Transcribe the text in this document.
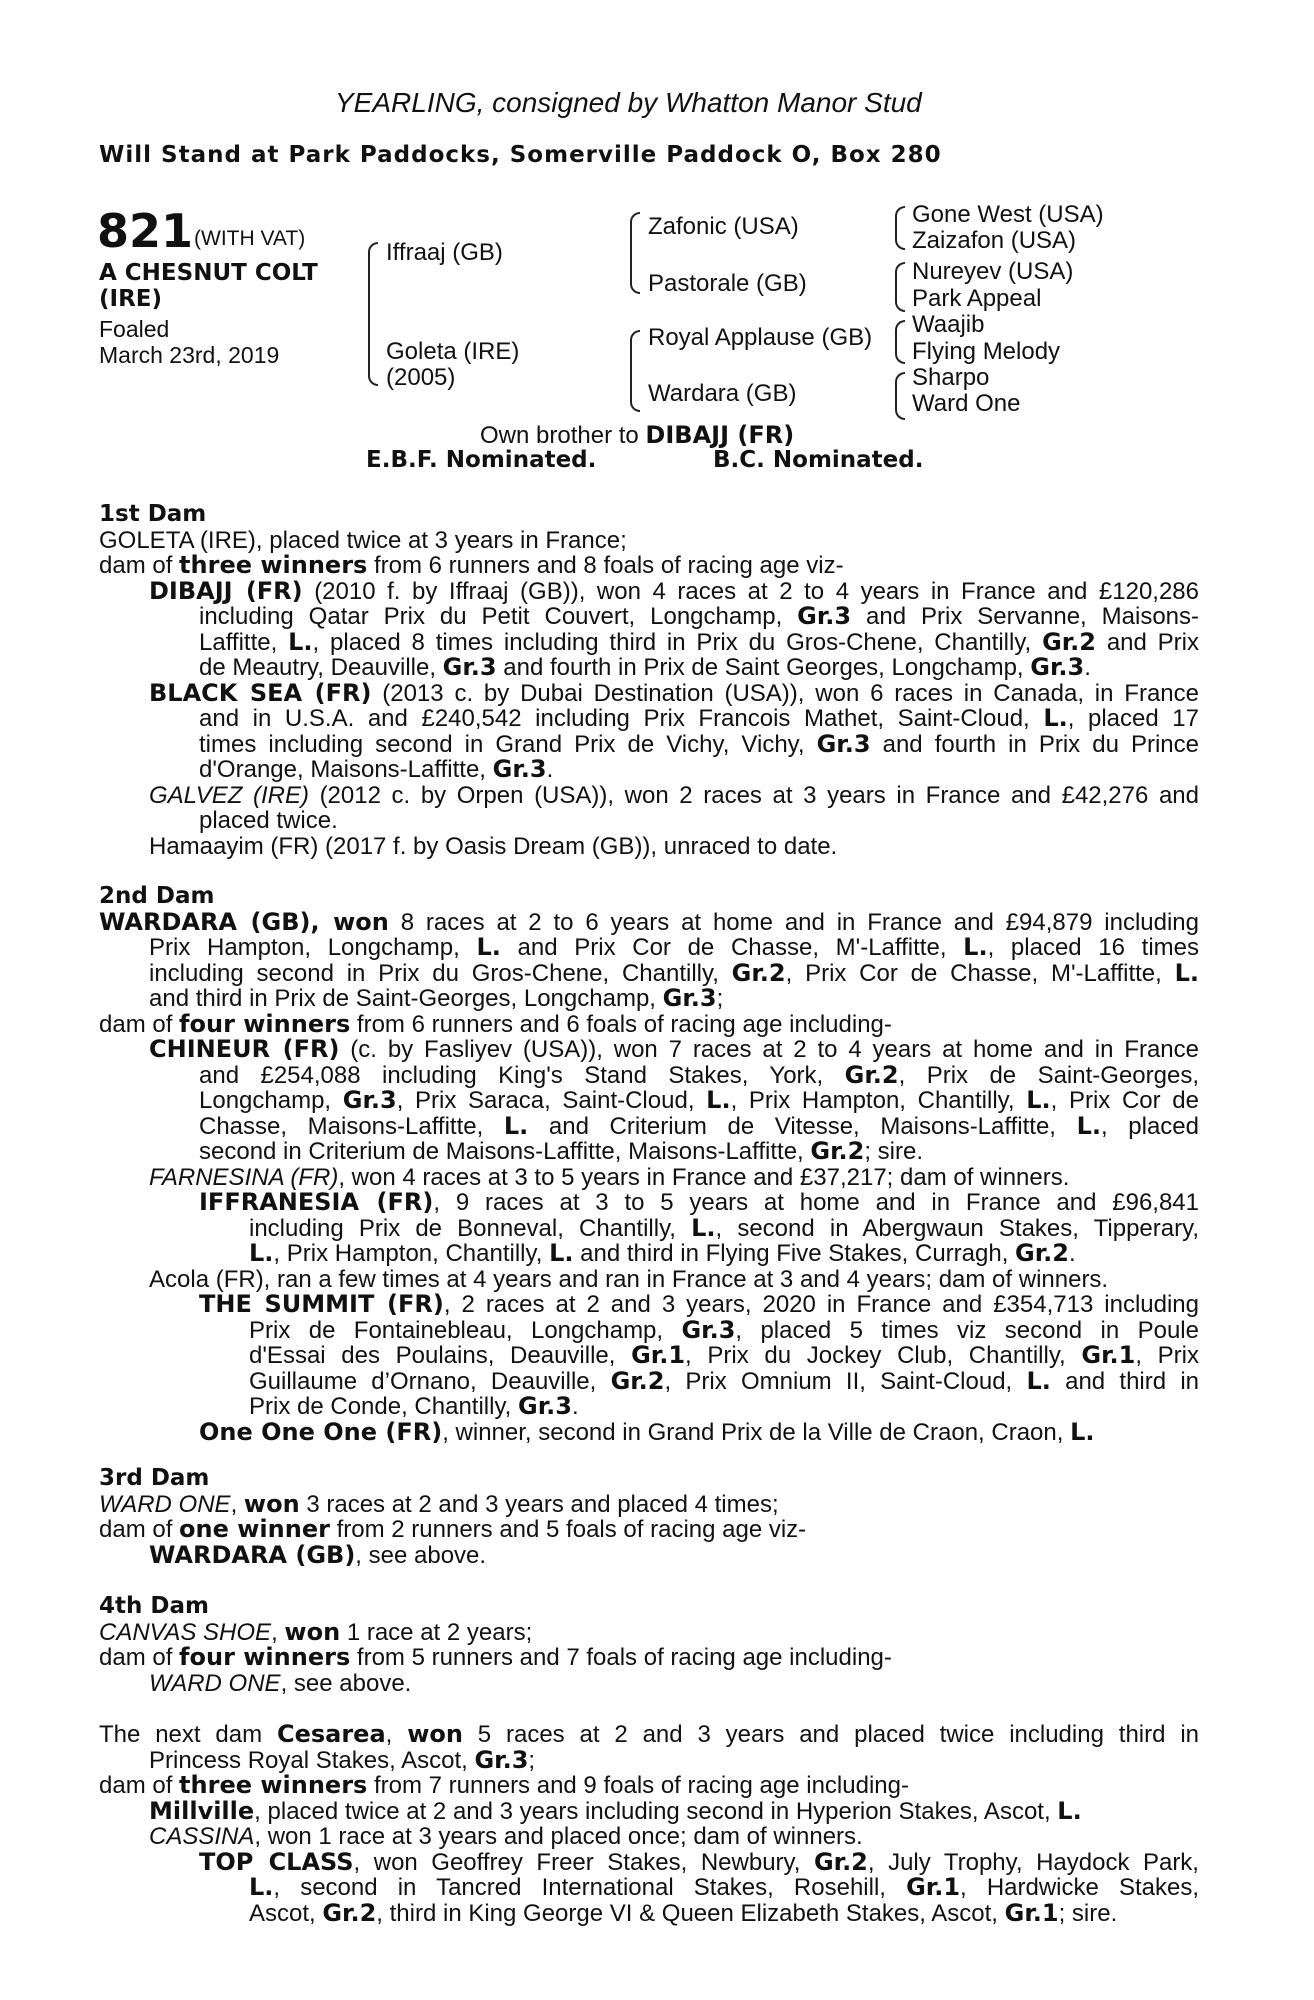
YEARLING, consigned by Whatton Manor Stud
Will Stand at Park Paddocks, Somerville Paddock O, Box 280
821 (WITH VAT)
A CHESNUT COLT
(IRE)
Foaled
March 23rd, 2019
Iffraaj (GB)
Goleta (IRE)
(2005)
Zafonic (USA)
Pastorale (GB)
Royal Applause (GB)
Wardara (GB)
Gone West (USA)
Zaizafon (USA)
Nureyev (USA)
Park Appeal
Waajib
Flying Melody
Sharpo
Ward One
Own brother to DIBAJJ (FR)
E.B.F. Nominated.	B.C. Nominated.
1st Dam
GOLETA (IRE), placed twice at 3 years in France;
dam of three winners from 6 runners and 8 foals of racing age viz-
DIBAJJ (FR) (2010 f. by Iffraaj (GB)), won 4 races at 2 to 4 years in France and £120,286
including Qatar Prix du Petit Couvert, Longchamp, Gr.3 and Prix Servanne, Maisons-
Laffitte, L., placed 8 times including third in Prix du Gros-Chene, Chantilly, Gr.2 and Prix
de Meautry, Deauville, Gr.3 and fourth in Prix de Saint Georges, Longchamp, Gr.3.
BLACK SEA (FR) (2013 c. by Dubai Destination (USA)), won 6 races in Canada, in France
and in U.S.A. and £240,542 including Prix Francois Mathet, Saint-Cloud, L., placed 17
times including second in Grand Prix de Vichy, Vichy, Gr.3 and fourth in Prix du Prince
d'Orange, Maisons-Laffitte, Gr.3.
GALVEZ (IRE) (2012 c. by Orpen (USA)), won 2 races at 3 years in France and £42,276 and
placed twice.
Hamaayim (FR) (2017 f. by Oasis Dream (GB)), unraced to date.
2nd Dam
WARDARA (GB), won 8 races at 2 to 6 years at home and in France and £94,879 including
Prix Hampton, Longchamp, L. and Prix Cor de Chasse, M'-Laffitte, L., placed 16 times
including second in Prix du Gros-Chene, Chantilly, Gr.2, Prix Cor de Chasse, M'-Laffitte, L.
and third in Prix de Saint-Georges, Longchamp, Gr.3;
dam of four winners from 6 runners and 6 foals of racing age including-
CHINEUR (FR) (c. by Fasliyev (USA)), won 7 races at 2 to 4 years at home and in France
and £254,088 including King's Stand Stakes, York, Gr.2, Prix de Saint-Georges,
Longchamp, Gr.3, Prix Saraca, Saint-Cloud, L., Prix Hampton, Chantilly, L., Prix Cor de
Chasse, Maisons-Laffitte, L. and Criterium de Vitesse, Maisons-Laffitte, L., placed
second in Criterium de Maisons-Laffitte, Maisons-Laffitte, Gr.2; sire.
FARNESINA (FR), won 4 races at 3 to 5 years in France and £37,217; dam of winners.
IFFRANESIA (FR), 9 races at 3 to 5 years at home and in France and £96,841
including Prix de Bonneval, Chantilly, L., second in Abergwaun Stakes, Tipperary,
L., Prix Hampton, Chantilly, L. and third in Flying Five Stakes, Curragh, Gr.2.
Acola (FR), ran a few times at 4 years and ran in France at 3 and 4 years; dam of winners.
THE SUMMIT (FR), 2 races at 2 and 3 years, 2020 in France and £354,713 including
Prix de Fontainebleau, Longchamp, Gr.3, placed 5 times viz second in Poule
d'Essai des Poulains, Deauville, Gr.1, Prix du Jockey Club, Chantilly, Gr.1, Prix
Guillaume d’Ornano, Deauville, Gr.2, Prix Omnium II, Saint-Cloud, L. and third in
Prix de Conde, Chantilly, Gr.3.
One One One (FR), winner, second in Grand Prix de la Ville de Craon, Craon, L.
3rd Dam
WARD ONE, won 3 races at 2 and 3 years and placed 4 times;
dam of one winner from 2 runners and 5 foals of racing age viz-
WARDARA (GB), see above.
4th Dam
CANVAS SHOE, won 1 race at 2 years;
dam of four winners from 5 runners and 7 foals of racing age including-
WARD ONE, see above.
The next dam Cesarea, won 5 races at 2 and 3 years and placed twice including third in
Princess Royal Stakes, Ascot, Gr.3;
dam of three winners from 7 runners and 9 foals of racing age including-
Millville, placed twice at 2 and 3 years including second in Hyperion Stakes, Ascot, L.
CASSINA, won 1 race at 3 years and placed once; dam of winners.
TOP CLASS, won Geoffrey Freer Stakes, Newbury, Gr.2, July Trophy, Haydock Park,
L., second in Tancred International Stakes, Rosehill, Gr.1, Hardwicke Stakes,
Ascot, Gr.2, third in King George VI & Queen Elizabeth Stakes, Ascot, Gr.1; sire.
